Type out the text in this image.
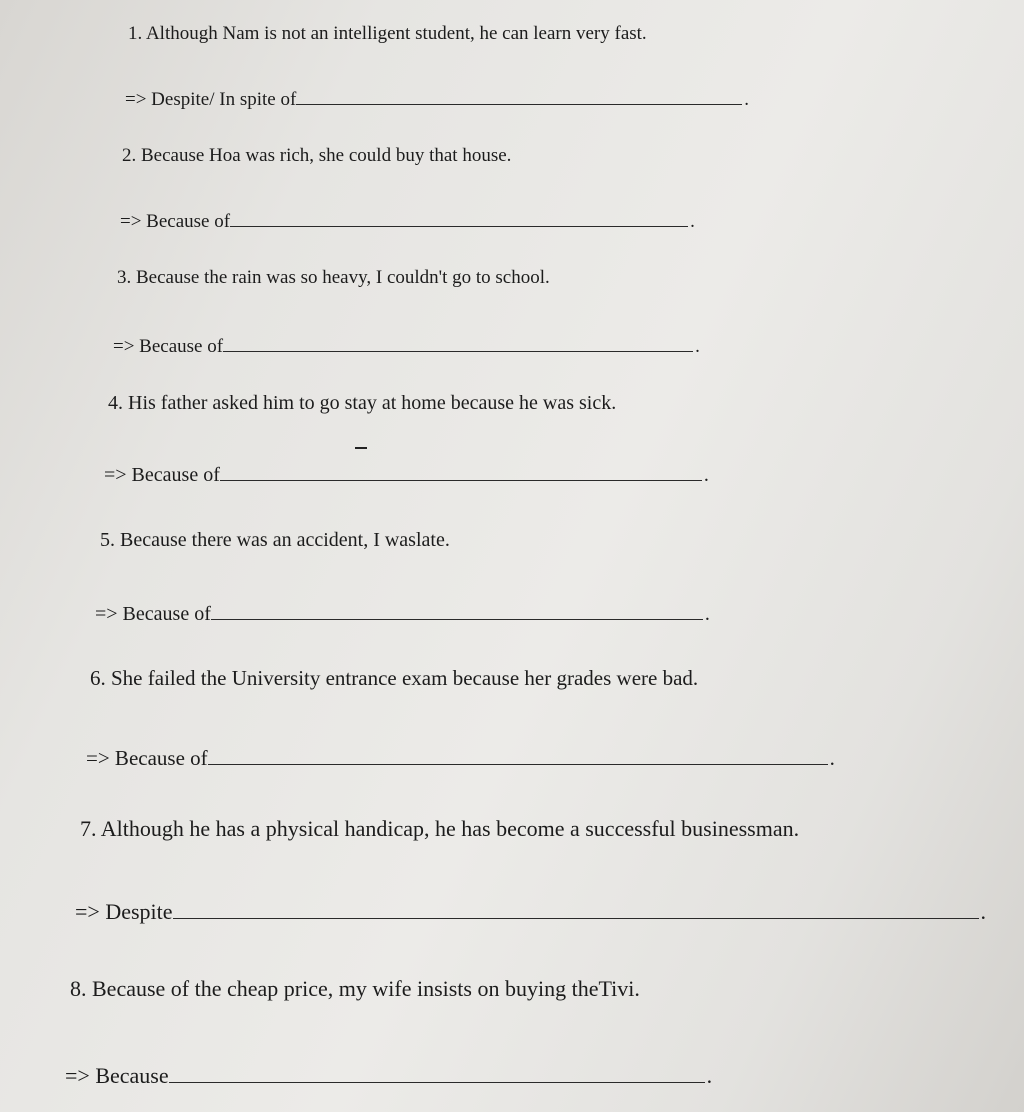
1. Although Nam is not an intelligent student, he can learn very fast.
=> Despite/ In spite of	.
2. Because Hoa was rich, she could buy that house.
=> Because of	.
3. Because the rain was so heavy, I couldn't go to school.
=> Because of	.
4. His father asked him to go stay at home because he was sick.
=> Because of	.
5. Because there was an accident, I waslate.
=> Because of	.
6. She failed the University entrance exam because her grades were bad.
=> Because of	.
7. Although he has a physical handicap, he has become a successful businessman.
=> Despite	.
8. Because of the cheap price, my wife insists on buying theTivi.
=> Because	.
